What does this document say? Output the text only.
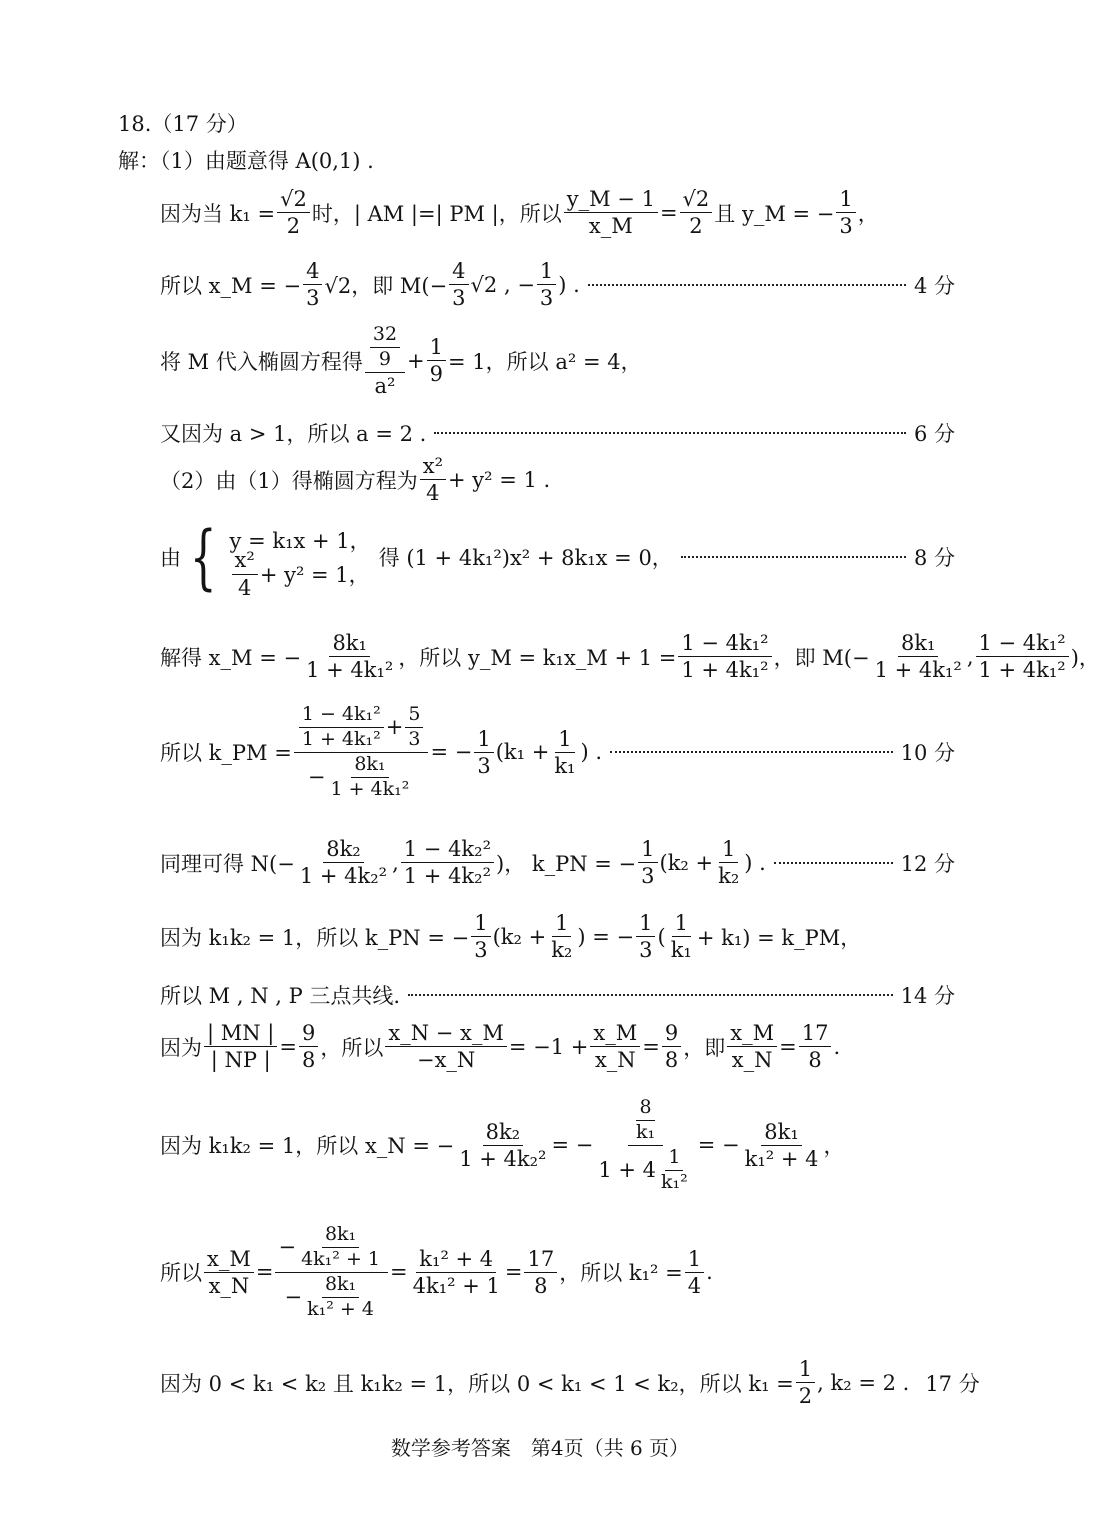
18.（17 分）
解：（1）由题意得 A(0,1) .
因为当 $k_1 = \frac{√2}{2}$ 时，| AM |=| PM |，所以 $\frac{y\_M - 1}{x\_M} = \frac{√2}{2}$ 且 y_M = − $\frac{1}{3}$ ，
所以 x_M = − $\frac{4}{3} √2$，即 $M(- \frac{4}{3} √2$ , − $\frac{1}{3}$ ) .	4 分
将 M 代入椭圆方程得 $\frac{\frac{32}{9}}{\text{a²}} + \frac{1}{9} = 1$，所以 a² = 4，
又因为 a > 1，所以 a = 2 .	6 分
（2）由（1）得椭圆方程为 $\frac{\text{x²}}{4} + y^2 = 1$ .
由 { y = k₁x + 1，
$\frac{\text{x²}}{4} + y^2 = 1$，
得 (1 + 4k₁²)x² + 8k₁x = 0，	8 分
解得 x_M = − $\frac{\text{8k₁}}{\text{1 + 4k₁²}}$ ，所以 y_M = k₁x_M + $1 = \frac{\text{1 − 4k₁²}}{\text{1 + 4k₁²}}$ ，即 $M(- \frac{\text{8k₁}}{\text{1 + 4k₁²}}$ , $\frac{\text{1 − 4k₁²}}{\text{1 + 4k₁²}}$ )，
所以 k_PM = $\frac{\frac{\text{1 − 4k₁²}}{\text{1 + 4k₁²}} + \frac{5}{3}}{- \frac{\text{8k₁}}{\text{1 + 4k₁²}}}$ = − $\frac{1}{3} (k_1 + \frac{1}{\text{k₁}}$ ) .	10 分
同理可得 $N(- \frac{\text{8k₂}}{\text{1 + 4k₂²}}$ , $\frac{\text{1 − 4k₂²}}{\text{1 + 4k₂²}}$ )， k_PN = − $\frac{1}{3} (k_2 + \frac{1}{\text{k₂}}$ ) .	12 分
因为 k₁k₂ = 1，所以 k_PN = − $\frac{1}{3} (k_2 + \frac{1}{\text{k₂}}$ ) = − $\frac{1}{3}$ ( $\frac{1}{\text{k₁}} + k_1$) = k_PM，
所以 M , N , P 三点共线.	14 分
因为 $\frac{| MN |}{| NP |} = \frac{9}{8}$ ，所以 $\frac{x\_N - x\_M}{-x\_N} = -1 + \frac{x\_M}{x\_N} = \frac{9}{8}$ ，即 $\frac{x\_M}{x\_N} = \frac{17}{8}$ .
因为 k₁k₂ = 1，所以 x_N = − $\frac{\text{8k₂}}{\text{1 + 4k₂²}}$ = − $\frac{\frac{8}{\text{k₁}}}{1 + 4 \frac{1}{\text{k₁²}}}$ = − $\frac{\text{8k₁}}{\text{k₁² + 4}}$ ，
所以 $\frac{x\_M}{x\_N} = \frac{- \frac{\text{8k₁}}{\text{4k₁² + 1}}}{- \frac{\text{8k₁}}{\text{k₁² + 4}}} = \frac{\text{k₁² + 4}}{\text{4k₁² + 1}} = \frac{17}{8}$ ，所以 $k_1^2 = \frac{1}{4}$ .
因为 0 < k₁ < k₂ 且 k₁k₂ = 1，所以 0 < k₁ < 1 < k₂，所以 $k_1 = \frac{1}{2}$ , k₂ = 2 . 17 分
数学参考答案　第4页（共 6 页）
